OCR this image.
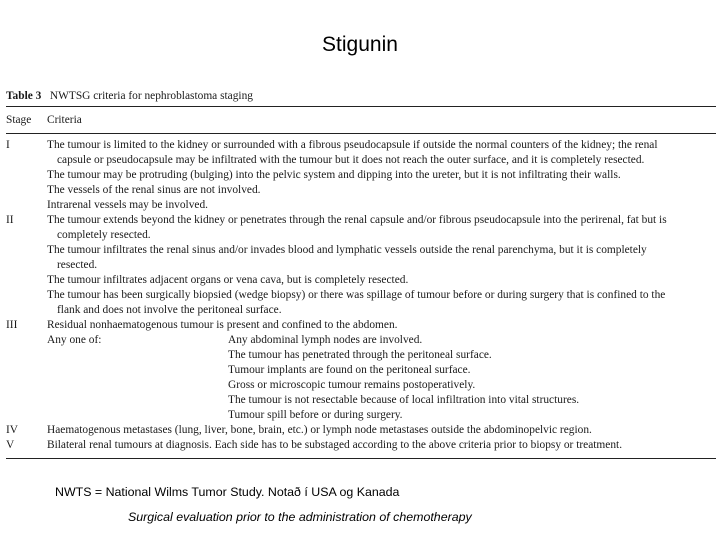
Stigunin
Table 3 NWTSG criteria for nephroblastoma staging
Stage	Criteria
I	The tumour is limited to the kidney or surrounded with a fibrous pseudocapsule if outside the normal counters of the kidney; the renal
capsule or pseudocapsule may be infiltrated with the tumour but it does not reach the outer surface, and it is completely resected.
The tumour may be protruding (bulging) into the pelvic system and dipping into the ureter, but it is not infiltrating their walls.
The vessels of the renal sinus are not involved.
Intrarenal vessels may be involved.
II	The tumour extends beyond the kidney or penetrates through the renal capsule and/or fibrous pseudocapsule into the perirenal, fat but is
completely resected.
The tumour infiltrates the renal sinus and/or invades blood and lymphatic vessels outside the renal parenchyma, but it is completely
resected.
The tumour infiltrates adjacent organs or vena cava, but is completely resected.
The tumour has been surgically biopsied (wedge biopsy) or there was spillage of tumour before or during surgery that is confined to the
flank and does not involve the peritoneal surface.
III	Residual nonhaematogenous tumour is present and confined to the abdomen.
Any one of:	Any abdominal lymph nodes are involved.
The tumour has penetrated through the peritoneal surface.
Tumour implants are found on the peritoneal surface.
Gross or microscopic tumour remains postoperatively.
The tumour is not resectable because of local infiltration into vital structures.
Tumour spill before or during surgery.
IV	Haematogenous metastases (lung, liver, bone, brain, etc.) or lymph node metastases outside the abdominopelvic region.
V	Bilateral renal tumours at diagnosis. Each side has to be substaged according to the above criteria prior to biopsy or treatment.
NWTS = National Wilms Tumor Study. Notað í USA og Kanada
Surgical evaluation prior to the administration of chemotherapy
